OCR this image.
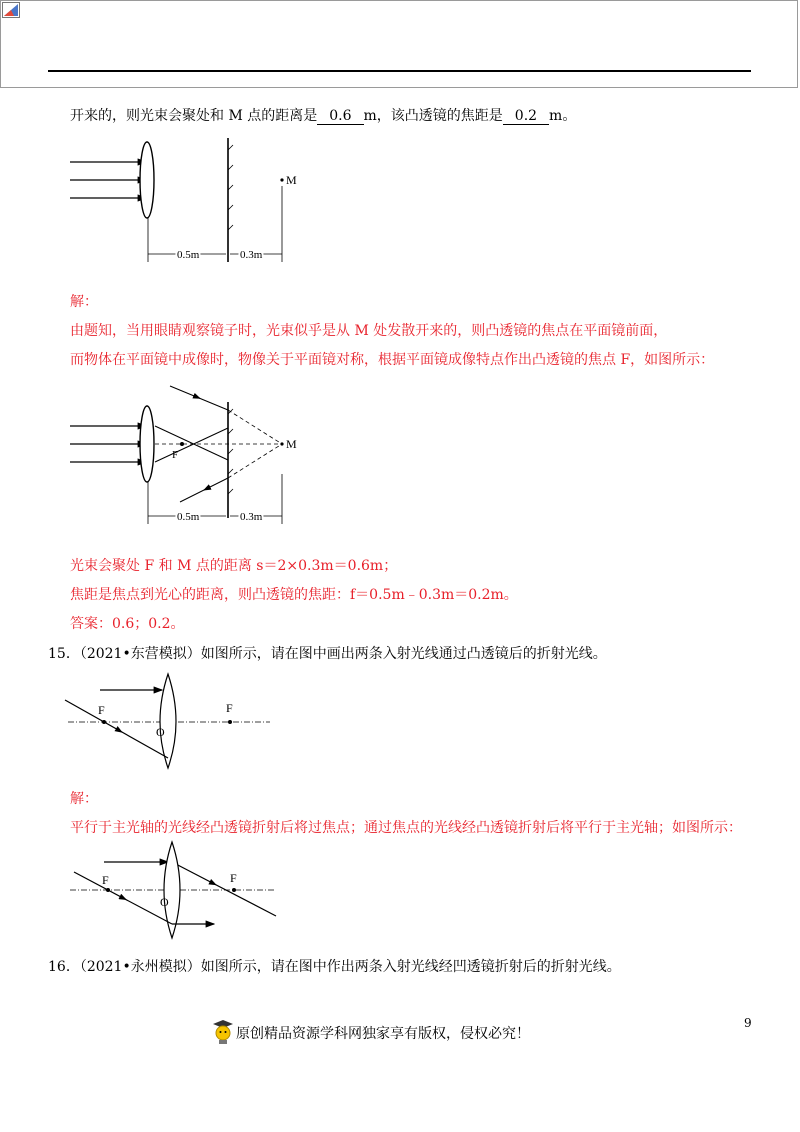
开来的，则光束会聚处和 M 点的距离是 0.6 m，该凸透镜的焦距是 0.2 m。
M
0.5m	0.3m
解：
由题知，当用眼睛观察镜子时，光束似乎是从 M 处发散开来的，则凸透镜的焦点在平面镜前面，
而物体在平面镜中成像时，物像关于平面镜对称，根据平面镜成像特点作出凸透镜的焦点 F，如图所示：
F
M
0.5m	0.3m
光束会聚处 F 和 M 点的距离 s＝2×0.3m＝0.6m；
焦距是焦点到光心的距离，则凸透镜的焦距：f＝0.5m﹣0.3m＝0.2m。
答案：0.6；0.2。
15．（2021•东营模拟）如图所示，请在图中画出两条入射光线通过凸透镜后的折射光线。
F	F
O
解：
平行于主光轴的光线经凸透镜折射后将过焦点；通过焦点的光线经凸透镜折射后将平行于主光轴；如图所示：
F	F
O
16．（2021•永州模拟）如图所示，请在图中作出两条入射光线经凹透镜折射后的折射光线。
原创精品资源学科网独家享有版权，侵权必究！
9
